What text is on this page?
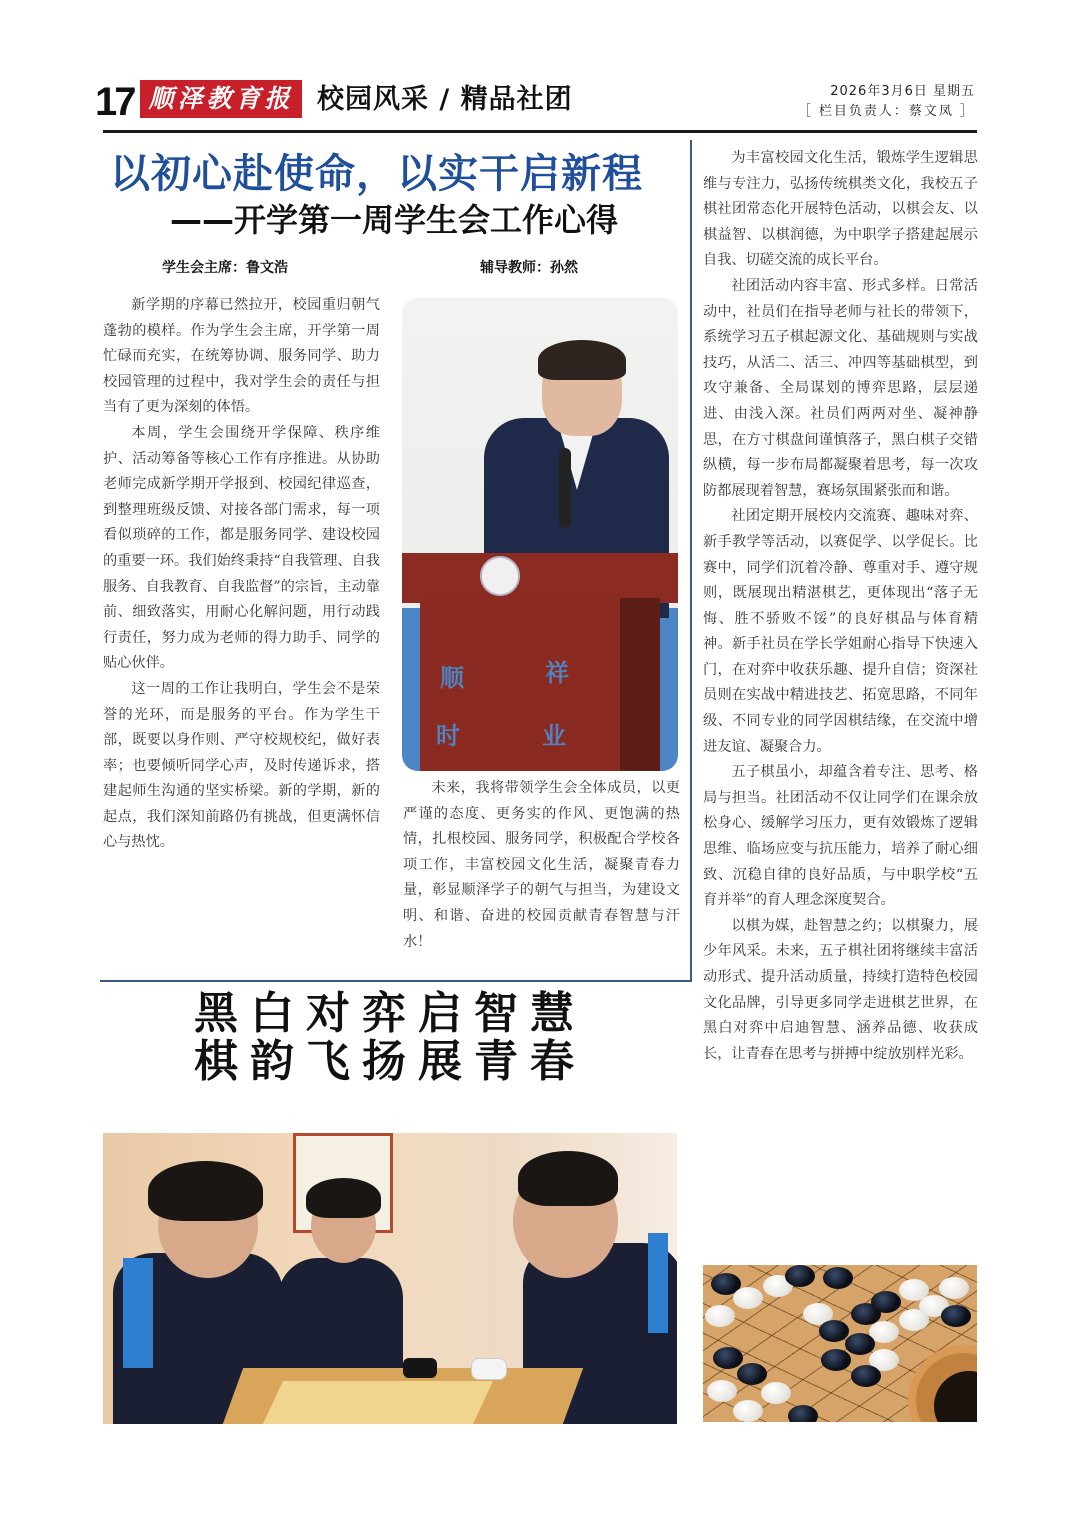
17 顺泽教育报 校园风采 / 精品社团	2026年3月6日 星期五
［ 栏目负责人：蔡文凤 ］
以初心赴使命，以实干启新程
——开学第一周学生会工作心得
学生会主席：鲁文浩	辅导教师：孙然

新学期的序幕已然拉开，校园重归朝气蓬勃的模样。作为学生会主席，开学第一周忙碌而充实，在统筹协调、服务同学、助力校园管理的过程中，我对学生会的责任与担当有了更为深刻的体悟。

本周，学生会围绕开学保障、秩序维护、活动筹备等核心工作有序推进。从协助老师完成新学期开学报到、校园纪律巡查，到整理班级反馈、对接各部门需求，每一项看似琐碎的工作，都是服务同学、建设校园的重要一环。我们始终秉持“自我管理、自我服务、自我教育、自我监督”的宗旨，主动靠前、细致落实，用耐心化解问题，用行动践行责任，努力成为老师的得力助手、同学的贴心伙伴。

这一周的工作让我明白，学生会不是荣誉的光环，而是服务的平台。作为学生干部，既要以身作则、严守校规校纪，做好表率；也要倾听同学心声，及时传递诉求，搭建起师生沟通的坚实桥梁。新的学期，新的起点，我们深知前路仍有挑战，但更满怀信心与热忱。

顺	祥
时	业

未来，我将带领学生会全体成员，以更严谨的态度、更务实的作风、更饱满的热情，扎根校园、服务同学，积极配合学校各项工作，丰富校园文化生活，凝聚青春力量，彰显顺泽学子的朝气与担当，为建设文明、和谐、奋进的校园贡献青春智慧与汗水！

黑白对弈启智慧
棋韵飞扬展青春

为丰富校园文化生活，锻炼学生逻辑思维与专注力，弘扬传统棋类文化，我校五子棋社团常态化开展特色活动，以棋会友、以棋益智、以棋润德，为中职学子搭建起展示自我、切磋交流的成长平台。

社团活动内容丰富、形式多样。日常活动中，社员们在指导老师与社长的带领下，系统学习五子棋起源文化、基础规则与实战技巧，从活二、活三、冲四等基础棋型，到攻守兼备、全局谋划的博弈思路，层层递进、由浅入深。社员们两两对坐、凝神静思，在方寸棋盘间谨慎落子，黑白棋子交错纵横，每一步布局都凝聚着思考，每一次攻防都展现着智慧，赛场氛围紧张而和谐。

社团定期开展校内交流赛、趣味对弈、新手教学等活动，以赛促学、以学促长。比赛中，同学们沉着冷静、尊重对手、遵守规则，既展现出精湛棋艺，更体现出“落子无悔、胜不骄败不馁”的良好棋品与体育精神。新手社员在学长学姐耐心指导下快速入门，在对弈中收获乐趣、提升自信；资深社员则在实战中精进技艺、拓宽思路，不同年级、不同专业的同学因棋结缘，在交流中增进友谊、凝聚合力。

五子棋虽小，却蕴含着专注、思考、格局与担当。社团活动不仅让同学们在课余放松身心、缓解学习压力，更有效锻炼了逻辑思维、临场应变与抗压能力，培养了耐心细致、沉稳自律的良好品质，与中职学校“五育并举”的育人理念深度契合。

以棋为媒，赴智慧之约；以棋聚力，展少年风采。未来，五子棋社团将继续丰富活动形式、提升活动质量，持续打造特色校园文化品牌，引导更多同学走进棋艺世界，在黑白对弈中启迪智慧、涵养品德、收获成长，让青春在思考与拼搏中绽放别样光彩。
